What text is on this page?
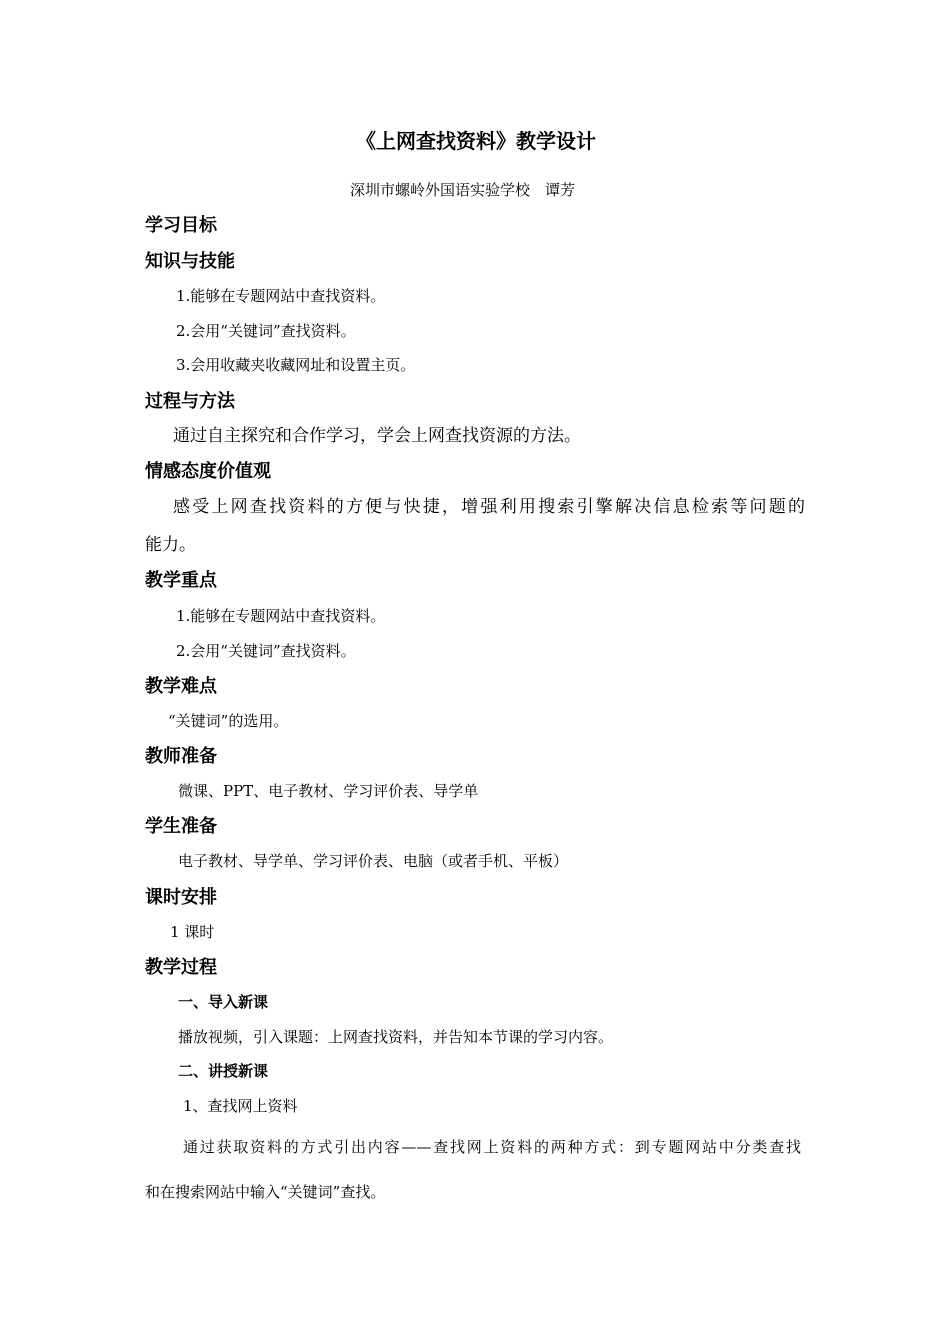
《上网查找资料》教学设计
深圳市螺岭外国语实验学校　谭芳
学习目标
知识与技能
1.能够在专题网站中查找资料。
2.会用“关键词”查找资料。
3.会用收藏夹收藏网址和设置主页。
过程与方法
通过自主探究和合作学习，学会上网查找资源的方法。
情感态度价值观
感受上网查找资料的方便与快捷，增强利用搜索引擎解决信息检索等问题的
能力。
教学重点
1.能够在专题网站中查找资料。
2.会用“关键词”查找资料。
教学难点
“关键词”的选用。
教师准备
微课、PPT、电子教材、学习评价表、导学单
学生准备
电子教材、导学单、学习评价表、电脑（或者手机、平板）
课时安排
1 课时
教学过程
一、导入新课
播放视频，引入课题：上网查找资料，并告知本节课的学习内容。
二、讲授新课
1、查找网上资料
通过获取资料的方式引出内容——查找网上资料的两种方式：到专题网站中分类查找
和在搜索网站中输入“关键词”查找。
